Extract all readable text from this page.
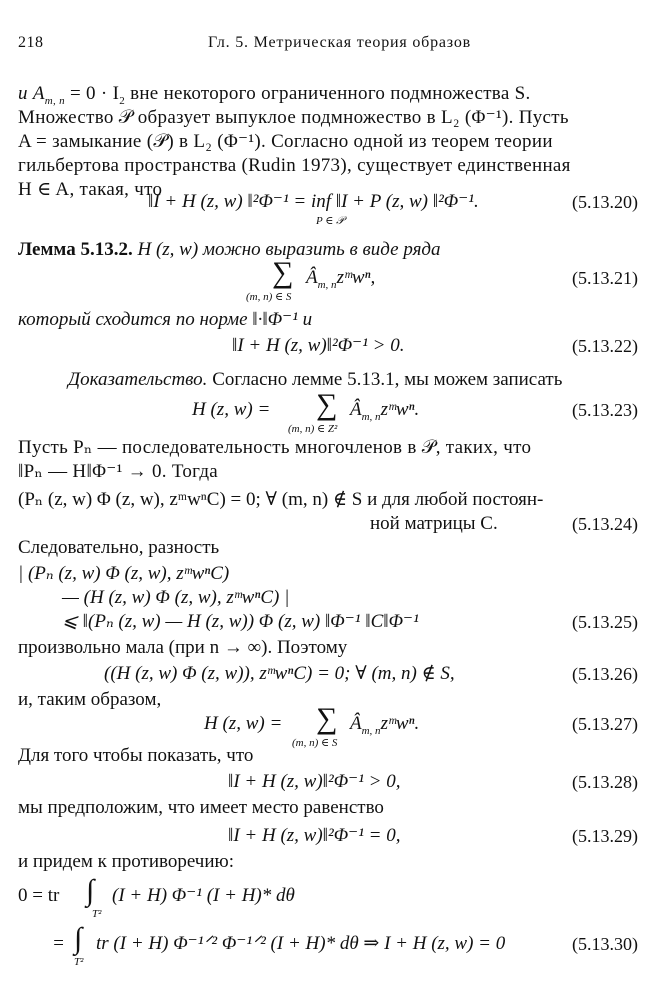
218	Гл. 5. Метрическая теория образов
и $A_{m, n} = 0 \cdot I_2$ вне некоторого ограниченного подмножества S.
Множество 𝒫 образует выпуклое подмножество в L₂ (Φ⁻¹). Пусть
A = замыкание (𝒫) в L₂ (Φ⁻¹). Согласно одной из теорем теории
гильбертова пространства (Rudin 1973), существует единственная
H ∈ A, такая, что
‖I + H (z, w) ‖²Φ⁻¹ = inf ‖I + P (z, w) ‖²Φ⁻¹.
P ∈ 𝒫
(5.13.20)
Лемма 5.13.2. H (z, w) можно выразить в виде ряда
∑ $Â_{m, n}zᵐw^n$,
(m, n) ∈ S
(5.13.21)
который сходится по норме ‖·‖Φ⁻¹ и
‖I + H (z, w)‖²Φ⁻¹ > 0.	(5.13.22)
Доказательство. Согласно лемме 5.13.1, мы можем записать
H (z, w) = ∑ $Â_{m, n}zᵐw^n$.
(m, n) ∈ Z²
(5.13.23)
Пусть Pₙ — последовательность многочленов в 𝒫, таких, что
‖Pₙ — H‖Φ⁻¹ → 0. Тогда
(Pₙ (z, w) Φ (z, w), zᵐwⁿC) = 0; ∀ (m, n) ∉ S и для любой постоян-
ной матрицы C.	(5.13.24)
Следовательно, разность
| (Pₙ (z, w) Φ (z, w), zᵐwⁿC)
— (H (z, w) Φ (z, w), zᵐwⁿC) |
⩽ ‖(Pₙ (z, w) — H (z, w)) Φ (z, w) ‖Φ⁻¹ ‖C‖Φ⁻¹	(5.13.25)
произвольно мала (при n → ∞). Поэтому
((H (z, w) Φ (z, w)), zᵐwⁿC) = 0; ∀ (m, n) ∉ S,	(5.13.26)
и, таким образом,
H (z, w) = ∑ $Â_{m, n}zᵐw^n$.
(m, n) ∈ S
(5.13.27)
Для того чтобы показать, что
‖I + H (z, w)‖²Φ⁻¹ > 0,	(5.13.28)
мы предположим, что имеет место равенство
‖I + H (z, w)‖²Φ⁻¹ = 0,	(5.13.29)
и придем к противоречию:
0 = tr ∫ (I + H) Φ⁻¹ (I + H)* dθ
T²
= ∫ tr (I + H) Φ⁻¹ᐟ² Φ⁻¹ᐟ² (I + H)* dθ ⇒ I + H (z, w) = 0
T²
(5.13.30)
